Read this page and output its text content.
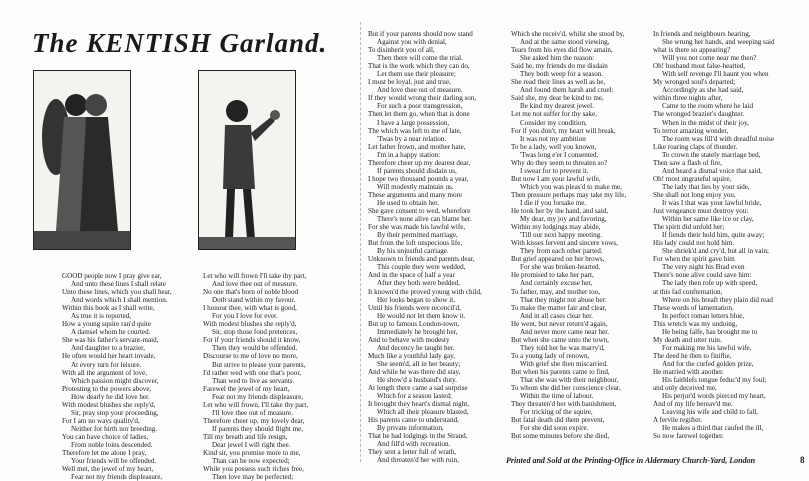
The KENTISH Garland.
GOOD people now I pray give ear,
And unto these lines I shall relate
Unto these lines, which you shall hear,
And words which I shall mention.
Within this book as I shall write,
As true it is reported,
How a young squire ran'd quite
A damsel whom he courted.
She was his father's servant-maid,
And daughter to a brazier,
He often would her heart invade,
At every turn for leisure.
With all the argument of love,
Which passion might discover,
Protesting to the powers above,
How dearly he did love her.
With modest blushes she reply'd,
Sir, pray stop your proceeding,
For I am no ways quality'd,
Neither for birth nor breeding.
You can have choice of ladies,
From noble loins descended.
Therefore let me alone I pray,
Your friends will be offended.
Well met, the jewel of my heart,
Fear not my friends displeasure,
Let who will frown I'll take thy part,
And love thee out of measure.
No one that's born of noble blood
Doth stand within my favour.
I honour thee, with what is good,
For you I love for ever.
With modest blushes she reply'd,
Sir, stop those fond pretences,
For if your friends should it know,
Then they would be offended.
Discourse to me of love no more,
But strive to please your parents,
I'd rather wed with one that's poor,
Than wed to live as servants.
Farewel the jewel of my heart,
Fear not my friends displeasure,
Let who will frown, I'll take thy part,
I'll love thee out of measure.
Therefore cheer up, my lovely dear,
If parents they should flight me,
Till my breath and life resign,
Dear jewel I will right thee.
Kind sir, you promise more to me,
Than can be now expected;
While you possess such riches free,
Then love may be perfected;
But if your parents should now stand
Against you with denial,
To disinherit you of all,
Then there will come the trial.
That is the work which they can do,
Let them use their pleasure;
I must be loyal, just and true,
And love thee out of measure.
If they would wrong their darling son,
For such a poor transgression,
Then let them go, when that is done
I have a large possession,
The which was left to me of late,
'Twas by a near relation.
Let father frown, and mother hate,
I'm in a happy station:
Therefore cheer up my dearest dear,
If parents should disdain us,
I hope two thousand pounds a year,
Will modestly maintain us.
These arguments and many more
He used to obtain her.
She gave consent to wed, wherefore
There's none alive can blame her.
For she was made his lawful wife,
By their permitted marriage,
But from the loft unspecious life,
By his unjustful carriage.
Unknown to friends and parents dear,
This couple they were wedded,
And in the space of half a year
After they both were bedded,
It known'd the proved young with child,
Her looks began to show it,
Until his friends were reconcil'd,
He would not let them know it.
But up to famous London-town,
Immediately he brought her,
And to behave with modesty
And decency he taught her.
Much like a youthful lady gay,
She seem'd, all in her beauty;
And while he was there did stay,
He show'd a husband's duty.
At length there came a sad surprise
Which for a season lasted;
It brought they heart's dismal night,
Which all their pleasure blasted,
His parents came to understand,
By private information,
That he had lodgings in the Strand,
And fill'd with recreation.
They sent a letter full of wrath,
And threaten'd her with ruin,
Which she receiv'd, whilst she stood by,
And at the same stood viewing,
Tears from his eyes did flow amain,
She asked him the reason:
Said he, my friends do me disdain
They both weep for a season.
She read their lines as well as he,
And found them harsh and cruel:
Said she, my dear be kind to me,
Be kind my dearest jewel.
Let me not suffer for thy sake,
Consider my condition,
For if you don't, my heart will break,
It was not my ambition
To be a lady, well you known,
'Twas long e'er I consented.
Why do they seem to threaten so?
I swear for to prevent it.
But now I am your lawful wife,
Which you was pleas'd to make me,
Then pressure perhaps may take my life,
I die if you forsake me.
He took her by the hand, and said,
My dear, my joy and favoring,
Within my lodgings may abide,
'Till our next happy meeting.
With kisses fervent and sincere vows,
They from each other parted.
But grief appeared on her brows,
For she was broken-hearted.
He promised to take her part,
And certainly excuse her,
To father, may, and mother too,
That they might not abuse her:
To make the matter fair and clear,
And in all cases clear her.
He went, but never return'd again,
And never more came near her.
But when she came unto the town,
They told her he was marry'd,
To a young lady of renown,
With grief she then miscarried.
But when his parents came to find,
That she was with their neighbour,
To whom she did her conscience clear,
Within the time of labour.
They threaten'd her with banishment,
For tricking of the squire,
But fatal death did them prevent,
For she did soon expire.
But some minutes before she died,
In friends and neighbours hearing,
She wrung her hands, and weeping said
what is there so appearing?
Will you not come near me then?
Oh! husband most false-hearted,
With self revenge I'll haunt you when
My wronged soul's departed;
Accordingly as she had said,
within three nights after,
Came to the room where he laid
The wronged brazier's daughter.
When in the midst of their joy,
To terror amazing wonder,
The room was fill'd with dreadful noise
Like roaring claps of thunder.
To crown the stately marriage bed,
Then saw a flash of fire,
And heard a dismal voice that said,
Oh! most ungrateful squire,
The lady that lies by your side,
She shall not long enjoy you,
It was I that was your lawful bride,
Just vengeance must destroy you:
Within her same like ice or clay,
The spirit did unfold her;
If fiends their hold him, quite away;
His lady could not hold him.
She shriek'd and cry'd, but all in vain;
For when the spirit gave him
The very night his Brad even
There's none alive could save him:
The lady then rofe up with speed,
at this fad confternation,
Where on his breaft they plain did read
These words of lamentation.
In perfect roman letters blue,
This wretch was my undoing,
He being falfe, has brought me to
My death and utter ruin.
For making me his lawful wife,
The deed he then to finifhe,
And for the curfed golden prize,
He married with another.
His faithlefs tongue feduc'd my foul;
and only deceived me,
His perjur'd words pierced my heart,
And of my life bereav'd me.
Leaving his wife and child to fall,
A fervile regifter.
He makes a third that caufed the ill,
So now farewel together.
Printed and Sold at the Printing-Office in Aldermary Church-Yard, London	8
